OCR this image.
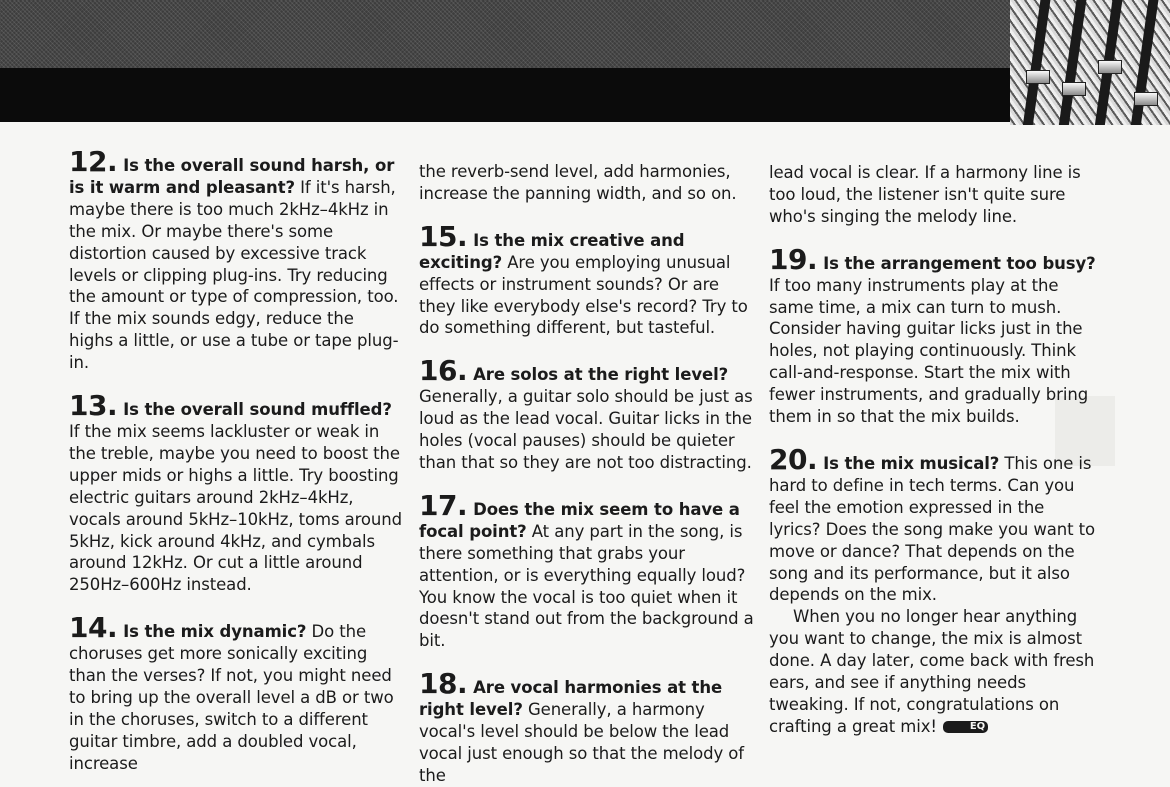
12. Is the overall sound harsh, or is it warm and pleasant? If it's harsh, maybe there is too much 2kHz–4kHz in the mix. Or maybe there's some distortion caused by excessive track levels or clipping plug-ins. Try reducing the amount or type of compression, too. If the mix sounds edgy, reduce the highs a little, or use a tube or tape plug-in.

13. Is the overall sound muffled? If the mix seems lackluster or weak in the treble, maybe you need to boost the upper mids or highs a little. Try boosting electric guitars around 2kHz–4kHz, vocals around 5kHz–10kHz, toms around 5kHz, kick around 4kHz, and cymbals around 12kHz. Or cut a little around 250Hz–600Hz instead.

14. Is the mix dynamic? Do the choruses get more sonically exciting than the verses? If not, you might need to bring up the overall level a dB or two in the choruses, switch to a different guitar timbre, add a doubled vocal, increase

the reverb-send level, add harmonies, increase the panning width, and so on.

15. Is the mix creative and exciting? Are you employing unusual effects or instrument sounds? Or are they like everybody else's record? Try to do something different, but tasteful.

16. Are solos at the right level? Generally, a guitar solo should be just as loud as the lead vocal. Guitar licks in the holes (vocal pauses) should be quieter than that so they are not too distracting.

17. Does the mix seem to have a focal point? At any part in the song, is there something that grabs your attention, or is everything equally loud? You know the vocal is too quiet when it doesn't stand out from the background a bit.

18. Are vocal harmonies at the right level? Generally, a harmony vocal's level should be below the lead vocal just enough so that the melody of the

lead vocal is clear. If a harmony line is too loud, the listener isn't quite sure who's singing the melody line.

19. Is the arrangement too busy? If too many instruments play at the same time, a mix can turn to mush. Consider having guitar licks just in the holes, not playing continuously. Think call-and-response. Start the mix with fewer instruments, and gradually bring them in so that the mix builds.

20. Is the mix musical? This one is hard to define in tech terms. Can you feel the emotion expressed in the lyrics? Does the song make you want to move or dance? That depends on the song and its performance, but it also depends on the mix.

When you no longer hear anything you want to change, the mix is almost done. A day later, come back with fresh ears, and see if anything needs tweaking. If not, congratulations on crafting a great mix!	EQ
